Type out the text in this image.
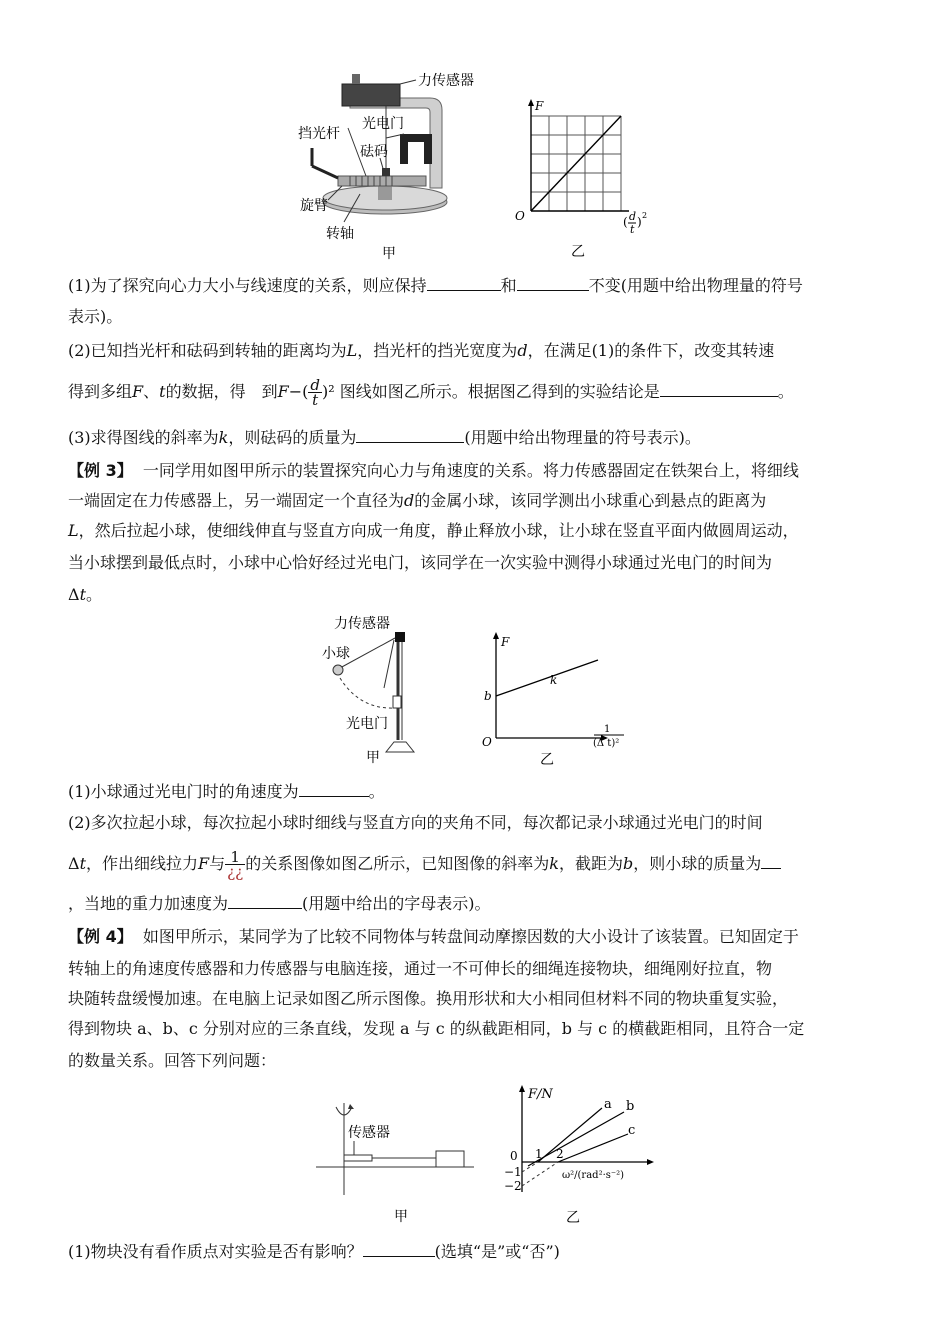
力传感器
挡光杆
光电门
砝码
旋臂
转轴
甲
F
O	( d
t
) 2
乙
(1)为了探究向心力大小与线速度的关系，则应保持	和	不变(用题中给出物理量的符号
表示)。
(2)已知挡光杆和砝码到转轴的距离均为L，挡光杆的挡光宽度为d，在满足(1)的条件下，改变其转速
得到多组F、t的数据，得　到$F-( \frac{d}{t} )^2$ 图线如图乙所示。根据图乙得到的实验结论是	。
(3)求得图线的斜率为k，则砝码的质量为	(用题中给出物理量的符号表示)。
【例 3】 一同学用如图甲所示的装置探究向心力与角速度的关系。将力传感器固定在铁架台上，将细线
一端固定在力传感器上，另一端固定一个直径为d的金属小球，该同学测出小球重心到悬点的距离为
L，然后拉起小球，使细线伸直与竖直方向成一角度，静止释放小球，让小球在竖直平面内做圆周运动，
当小球摆到最低点时，小球中心恰好经过光电门，该同学在一次实验中测得小球通过光电门的时间为
Δt。
力传感器
小球
光电门
甲
F
b
k
O
1
(Δ t)²
乙
(1)小球通过光电门时的角速度为	。
(2)多次拉起小球，每次拉起小球时细线与竖直方向的夹角不同，每次都记录小球通过光电门的时间
Δt，作出细线拉力F与 $\frac{1}{¿¿}$ 的关系图像如图乙所示，已知图像的斜率为k，截距为b，则小球的质量为
，当地的重力加速度为	(用题中给出的字母表示)。
【例 4】 如图甲所示，某同学为了比较不同物体与转盘间动摩擦因数的大小设计了该装置。已知固定于
转轴上的角速度传感器和力传感器与电脑连接，通过一不可伸长的细绳连接物块，细绳刚好拉直，物
块随转盘缓慢加速。在电脑上记录如图乙所示图像。换用形状和大小相同但材料不同的物块重复实验，
得到物块 a、b、c 分别对应的三条直线，发现 a 与 c 的纵截距相同，b 与 c 的横截距相同，且符合一定
的数量关系。回答下列问题：
传感器
甲
F/N
a b
c
0 1 2
−1
−2
ω²/(rad²·s⁻²)
乙
(1)物块没有看作质点对实验是否有影响？	(选填“是”或“否”)
